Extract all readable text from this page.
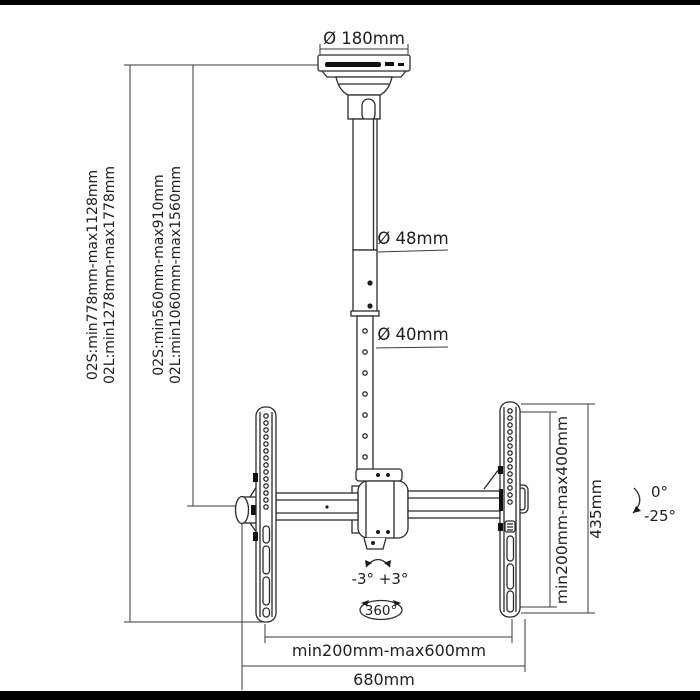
Ø 180mm
Ø 48mm
Ø 40mm
02S:min778mm-max1128mm 02L:min1278mm-max1778mm 02S:min560mm-max910mm 02L:min1060mm-max1560mm
min200mm-max400mm 435mm	0°
-25°
-3° +3°
360°
min200mm-max600mm
680mm
